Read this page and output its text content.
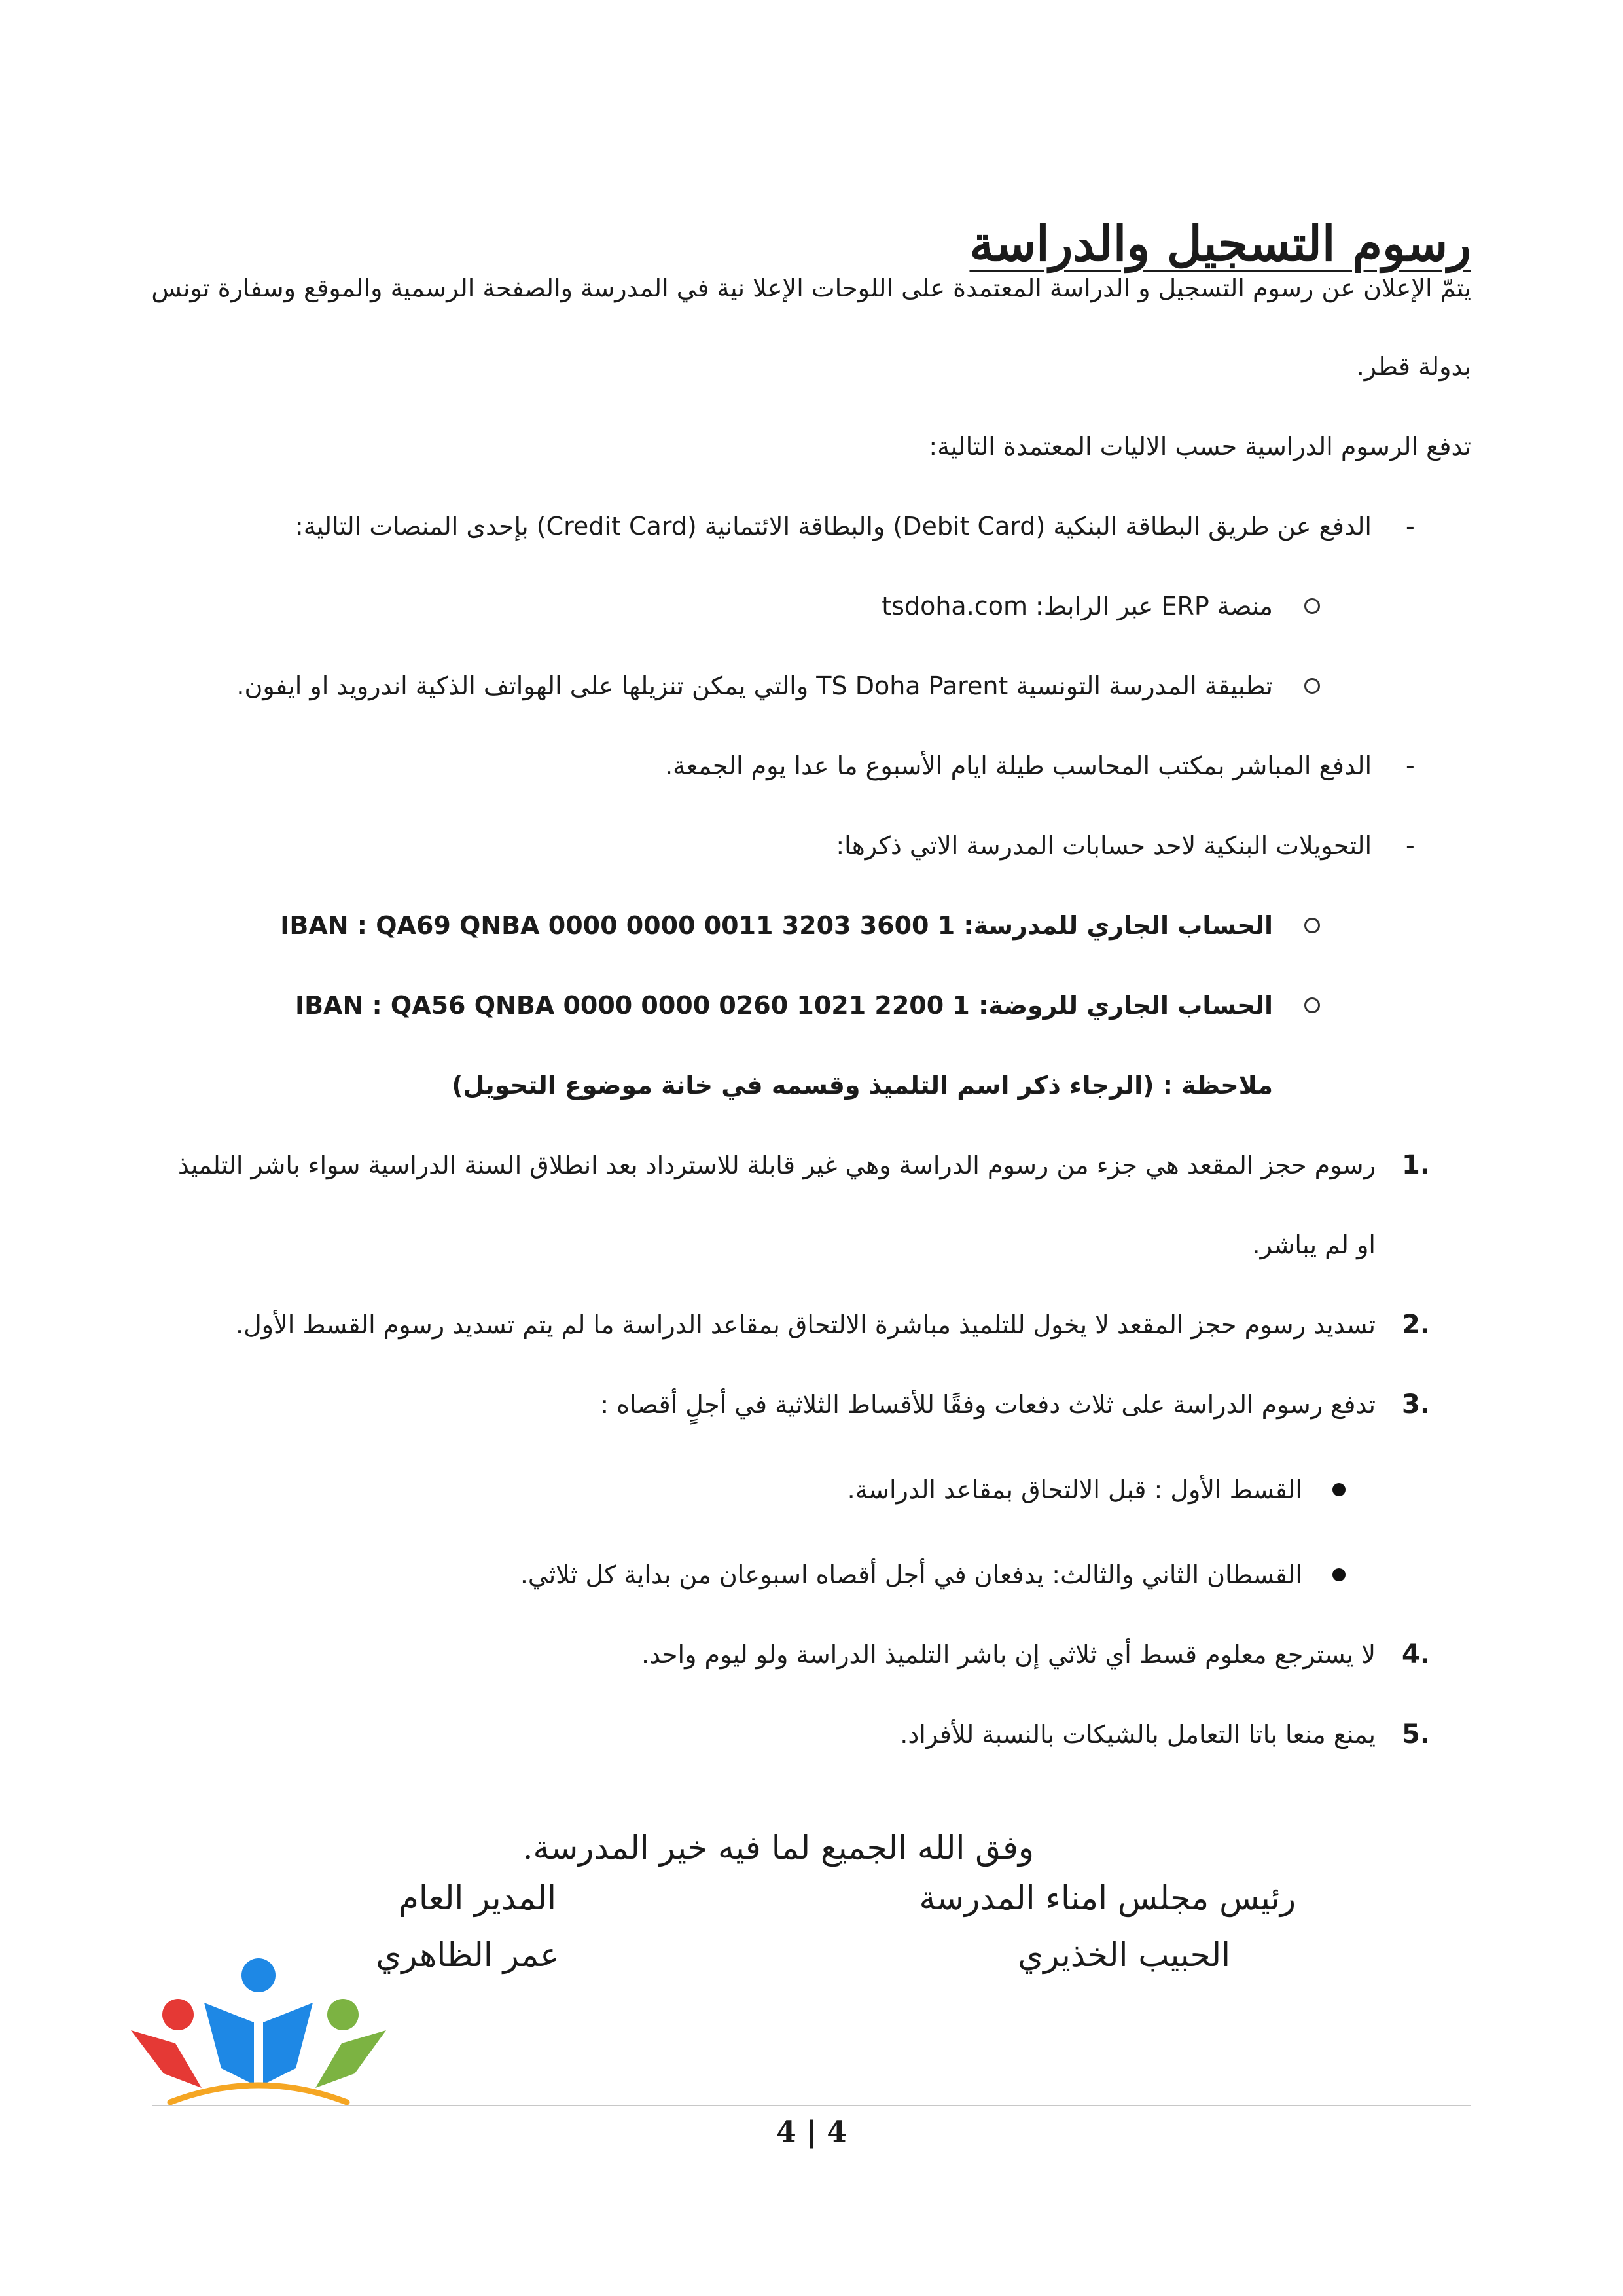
رسوم التسجيل والدراسة

يتمّ الإعلان عن رسوم التسجيل و الدراسة المعتمدة على اللوحات الإعلا نية في المدرسة والصفحة الرسمية والموقع وسفارة تونس

بدولة قطر.

تدفع الرسوم الدراسية حسب الاليات المعتمدة التالية:

-

الدفع عن طريق البطاقة البنكية (Debit Card) والبطاقة الائتمانية (Credit Card) بإحدى المنصات التالية:

منصة ERP عبر الرابط: tsdoha.com

تطبيقة المدرسة التونسية TS Doha Parent والتي يمكن تنزيلها على الهواتف الذكية اندرويد او ايفون.

-

الدفع المباشر بمكتب المحاسب طيلة ايام الأسبوع ما عدا يوم الجمعة.

-

التحويلات البنكية لاحد حسابات المدرسة الاتي ذكرها:

الحساب الجاري للمدرسة: IBAN : QA69 QNBA 0000 0000 0011 3203 3600 1

الحساب الجاري للروضة: IBAN : QA56 QNBA 0000 0000 0260 1021 2200 1

ملاحظة : (الرجاء ذكر اسم التلميذ وقسمه في خانة موضوع التحويل)

1.

رسوم حجز المقعد هي جزء من رسوم الدراسة وهي غير قابلة للاسترداد بعد انطلاق السنة الدراسية سواء باشر التلميذ

او لم يباشر.

2.

تسديد رسوم حجز المقعد لا يخول للتلميذ مباشرة الالتحاق بمقاعد الدراسة ما لم يتم تسديد رسوم القسط الأول.

3.

تدفع رسوم الدراسة على ثلاث دفعات وفقًا للأقساط الثلاثية في أجلٍ أقصاه :

القسط الأول : قبل الالتحاق بمقاعد الدراسة.

القسطان الثاني والثالث: يدفعان في أجل أقصاه اسبوعان من بداية كل ثلاثي.

4.

لا يسترجع معلوم قسط أي ثلاثي إن باشر التلميذ الدراسة ولو ليوم واحد.

5.

يمنع منعا باتا التعامل بالشيكات بالنسبة للأفراد.

وفق الله الجميع لما فيه خير المدرسة.

رئيس مجلس امناء المدرسة

الحبيب الخذيري

المدير العام

عمر الظاهري

4 | 4
